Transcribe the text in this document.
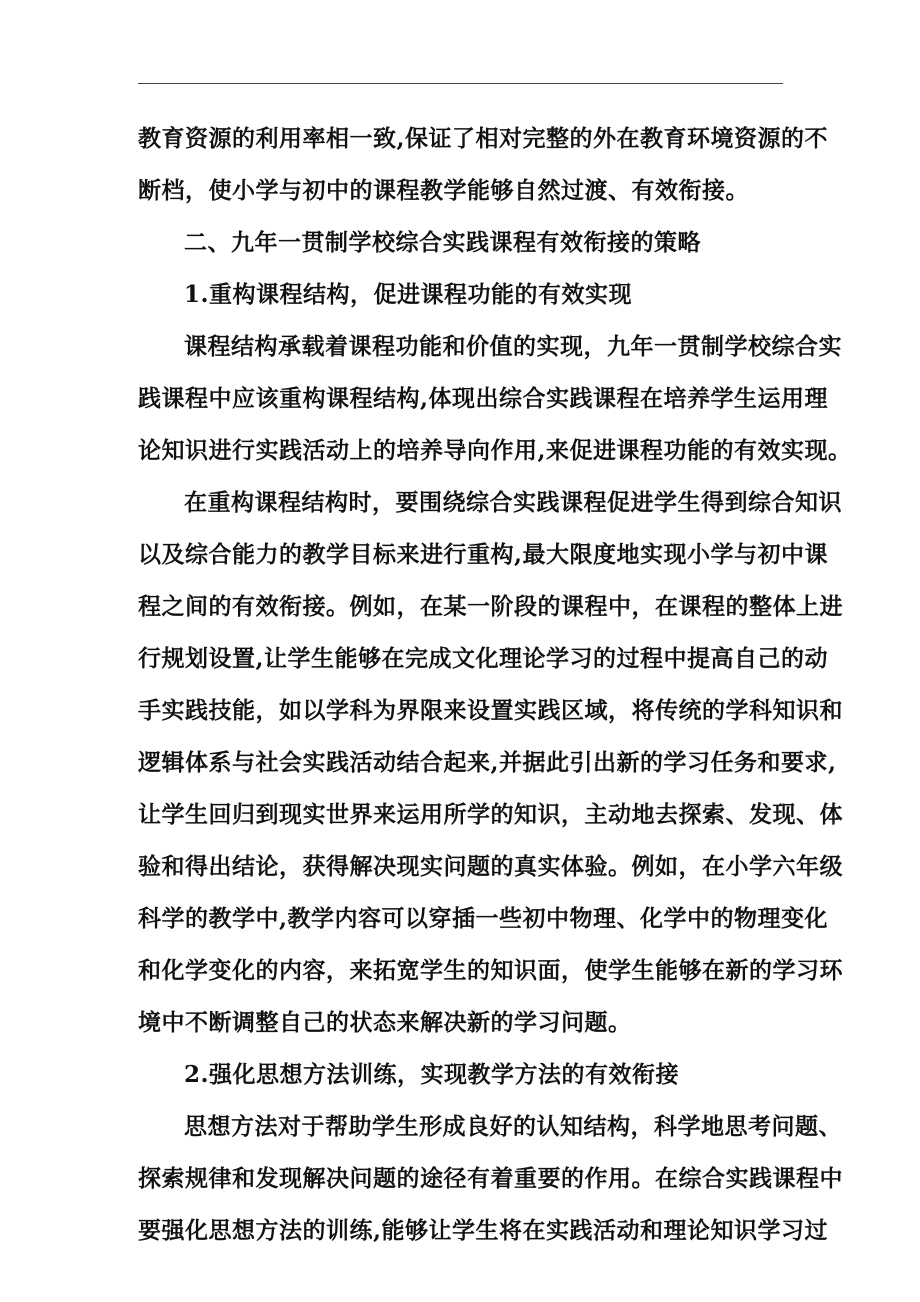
教育资源的利用率相一致,保证了相对完整的外在教育环境资源的不
断档，使小学与初中的课程教学能够自然过渡、有效衔接。
二、九年一贯制学校综合实践课程有效衔接的策略
1.重构课程结构，促进课程功能的有效实现
课程结构承载着课程功能和价值的实现，九年一贯制学校综合实
践课程中应该重构课程结构,体现出综合实践课程在培养学生运用理
论知识进行实践活动上的培养导向作用,来促进课程功能的有效实现。
在重构课程结构时，要围绕综合实践课程促进学生得到综合知识
以及综合能力的教学目标来进行重构,最大限度地实现小学与初中课
程之间的有效衔接。例如，在某一阶段的课程中，在课程的整体上进
行规划设置,让学生能够在完成文化理论学习的过程中提高自己的动
手实践技能，如以学科为界限来设置实践区域，将传统的学科知识和
逻辑体系与社会实践活动结合起来,并据此引出新的学习任务和要求,
让学生回归到现实世界来运用所学的知识，主动地去探索、发现、体
验和得出结论，获得解决现实问题的真实体验。例如，在小学六年级
科学的教学中,教学内容可以穿插一些初中物理、化学中的物理变化
和化学变化的内容，来拓宽学生的知识面，使学生能够在新的学习环
境中不断调整自己的状态来解决新的学习问题。
2.强化思想方法训练，实现教学方法的有效衔接
思想方法对于帮助学生形成良好的认知结构，科学地思考问题、
探索规律和发现解决问题的途径有着重要的作用。在综合实践课程中
要强化思想方法的训练,能够让学生将在实践活动和理论知识学习过
